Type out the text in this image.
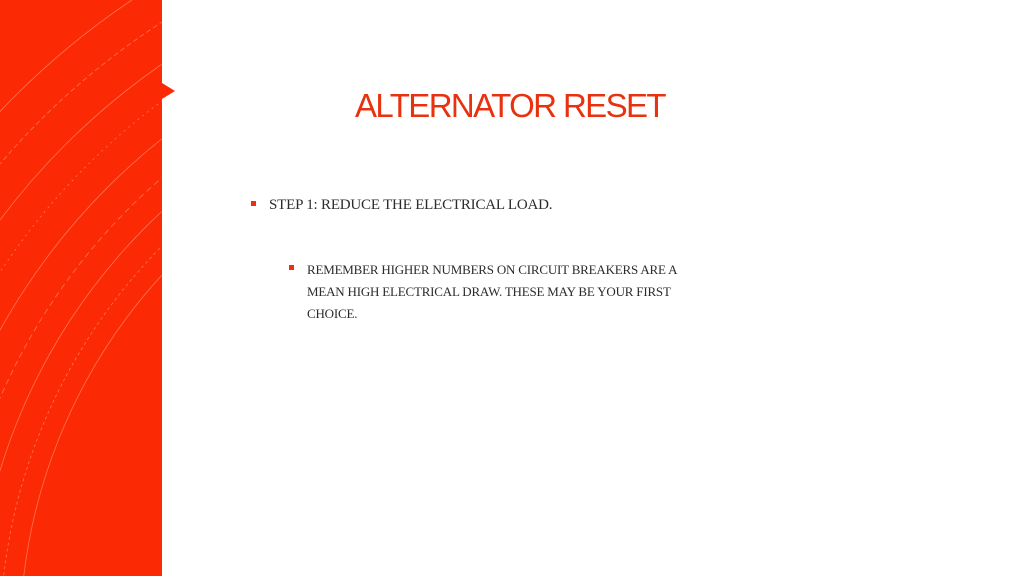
ALTERNATOR RESET
STEP 1: REDUCE THE ELECTRICAL LOAD.
REMEMBER HIGHER NUMBERS ON CIRCUIT BREAKERS ARE A
MEAN HIGH ELECTRICAL DRAW. THESE MAY BE YOUR FIRST
CHOICE.
